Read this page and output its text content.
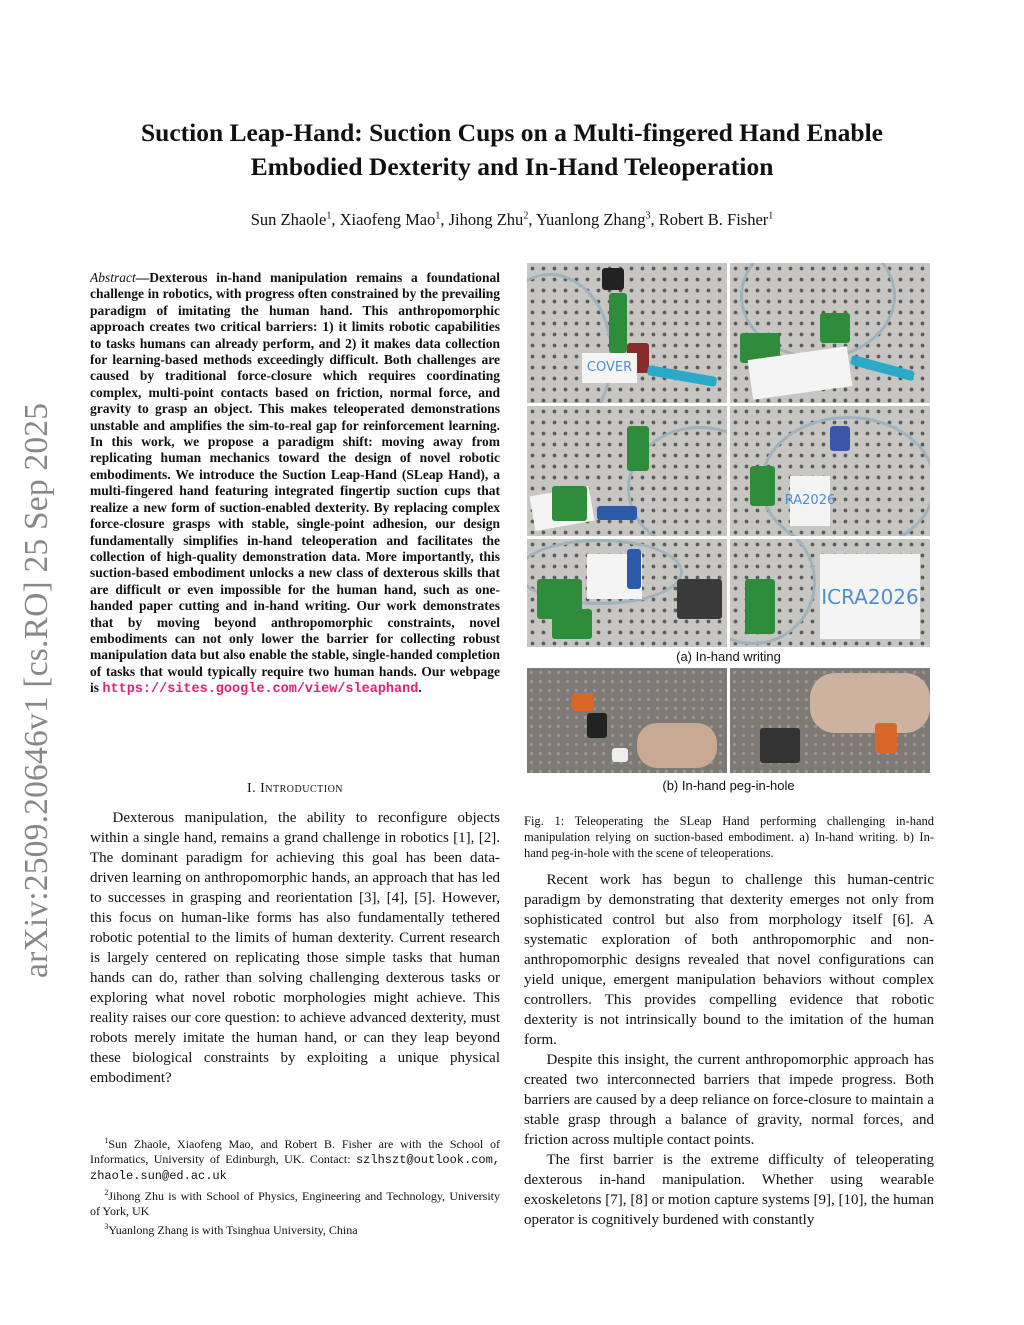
arXiv:2509.20646v1 [cs.RO] 25 Sep 2025
Suction Leap-Hand: Suction Cups on a Multi-fingered Hand Enable
Embodied Dexterity and In-Hand Teleoperation
Sun Zhaole$^1$, Xiaofeng Mao$^1$, Jihong Zhu$^2$, Yuanlong Zhang$^3$, Robert B. Fisher$^1$
Abstract—Dexterous in-hand manipulation remains a foundational challenge in robotics, with progress often constrained by the prevailing paradigm of imitating the human hand. This anthropomorphic approach creates two critical barriers: 1) it limits robotic capabilities to tasks humans can already perform, and 2) it makes data collection for learning-based methods exceedingly difficult. Both challenges are caused by traditional force-closure which requires coordinating complex, multi-point contacts based on friction, normal force, and gravity to grasp an object. This makes teleoperated demonstrations unstable and amplifies the sim-to-real gap for reinforcement learning. In this work, we propose a paradigm shift: moving away from replicating human mechanics toward the design of novel robotic embodiments. We introduce the Suction Leap-Hand (SLeap Hand), a multi-fingered hand featuring integrated fingertip suction cups that realize a new form of suction-enabled dexterity. By replacing complex force-closure grasps with stable, single-point adhesion, our design fundamentally simplifies in-hand teleoperation and facilitates the collection of high-quality demonstration data. More importantly, this suction-based embodiment unlocks a new class of dexterous skills that are difficult or even impossible for the human hand, such as one-handed paper cutting and in-hand writing. Our work demonstrates that by moving beyond anthropomorphic constraints, novel embodiments can not only lower the barrier for collecting robust manipulation data but also enable the stable, single-handed completion of tasks that would typically require two human hands. Our webpage is https://sites.google.com/view/sleaphand.
I. Introduction

Dexterous manipulation, the ability to reconfigure objects within a single hand, remains a grand challenge in robotics [1], [2]. The dominant paradigm for achieving this goal has been data-driven learning on anthropomorphic hands, an approach that has led to successes in grasping and reorientation [3], [4], [5]. However, this focus on human-like forms has also fundamentally tethered robotic potential to the limits of human dexterity. Current research is largely centered on replicating those simple tasks that human hands can do, rather than solving challenging dexterous tasks or exploring what novel robotic morphologies might achieve. This reality raises our core question: to achieve advanced dexterity, must robots merely imitate the human hand, or can they leap beyond these biological constraints by exploiting a unique physical embodiment?

$^1$Sun Zhaole, Xiaofeng Mao, and Robert B. Fisher are with the School of Informatics, University of Edinburgh, UK. Contact: szlhszt@outlook.com, zhaole.sun@ed.ac.uk

$^2$Jihong Zhu is with School of Physics, Engineering and Technology, University of York, UK

$^3$Yuanlong Zhang is with Tsinghua University, China

COVER
RA 2026
ICRA 2026
(a) In-hand writing
(b) In-hand peg-in-hole
Fig. 1: Teleoperating the SLeap Hand performing challenging in-hand manipulation relying on suction-based embodiment. a) In-hand writing. b) In-hand peg-in-hole with the scene of teleoperations.

Recent work has begun to challenge this human-centric paradigm by demonstrating that dexterity emerges not only from sophisticated control but also from morphology itself [6]. A systematic exploration of both anthropomorphic and non-anthropomorphic designs revealed that novel configurations can yield unique, emergent manipulation behaviors without complex controllers. This provides compelling evidence that robotic dexterity is not intrinsically bound to the imitation of the human form.

Despite this insight, the current anthropomorphic approach has created two interconnected barriers that impede progress. Both barriers are caused by a deep reliance on force-closure to maintain a stable grasp through a balance of gravity, normal forces, and friction across multiple contact points.

The first barrier is the extreme difficulty of teleoperating dexterous in-hand manipulation. Whether using wearable exoskeletons [7], [8] or motion capture systems [9], [10], the human operator is cognitively burdened with constantly
